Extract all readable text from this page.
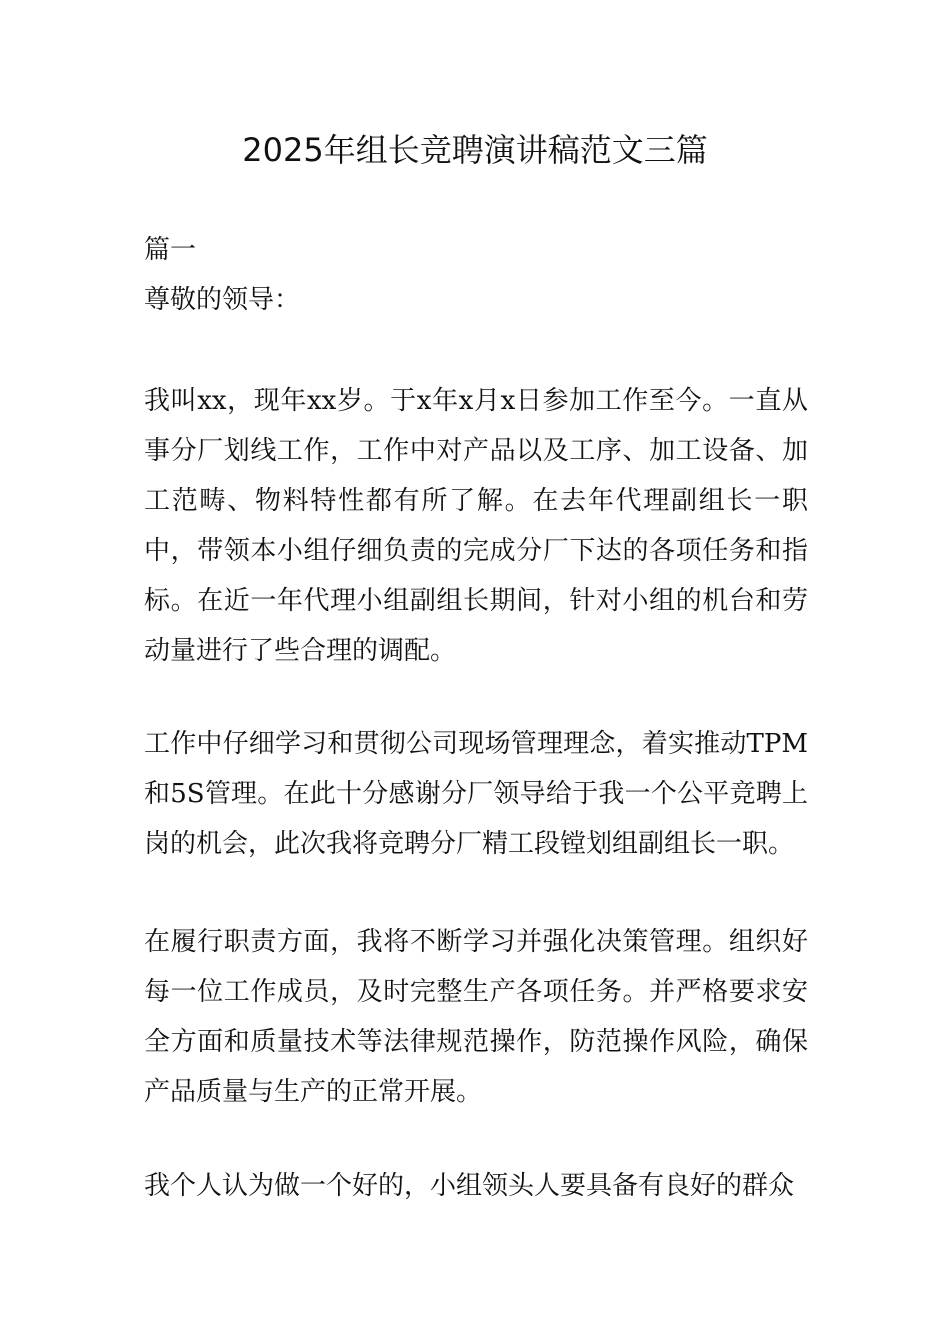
2025年组长竞聘演讲稿范文三篇

篇一

尊敬的领导：

我叫xx，现年xx岁。于x年x月x日参加工作至今。一直从事分厂划线工作，工作中对产品以及工序、加工设备、加工范畴、物料特性都有所了解。在去年代理副组长一职中，带领本小组仔细负责的完成分厂下达的各项任务和指标。在近一年代理小组副组长期间，针对小组的机台和劳动量进行了些合理的调配。

工作中仔细学习和贯彻公司现场管理理念，着实推动TPM和5S管理。在此十分感谢分厂领导给于我一个公平竞聘上岗的机会，此次我将竞聘分厂精工段镗划组副组长一职。

在履行职责方面，我将不断学习并强化决策管理。组织好每一位工作成员，及时完整生产各项任务。并严格要求安全方面和质量技术等法律规范操作，防范操作风险，确保产品质量与生产的正常开展。

我个人认为做一个好的，小组领头人要具备有良好的群众
